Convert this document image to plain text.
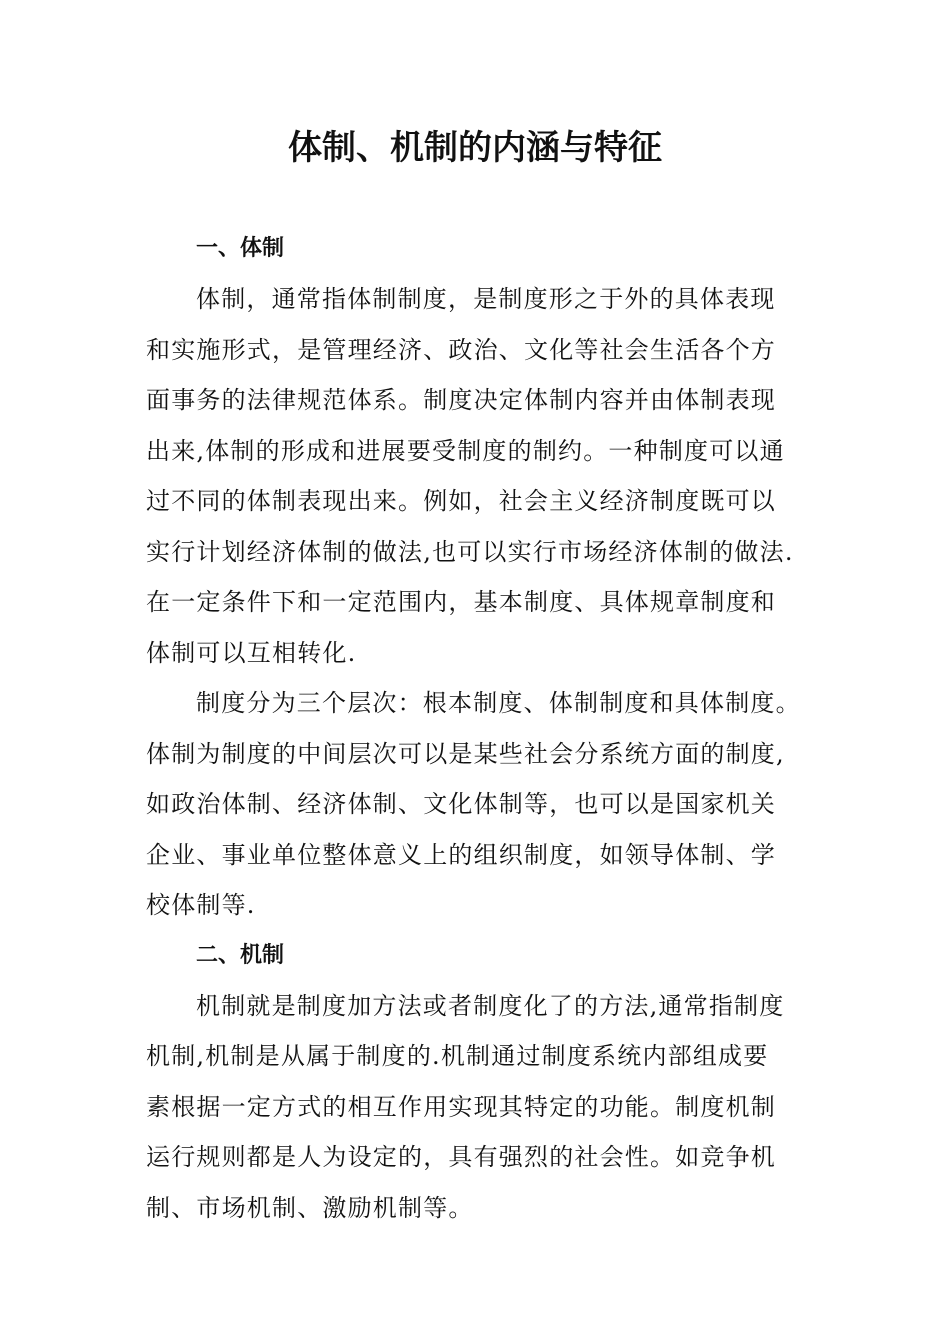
体制、机制的内涵与特征
一、体制

体制，通常指体制制度，是制度形之于外的具体表现
和实施形式，是管理经济、政治、文化等社会生活各个方
面事务的法律规范体系。制度决定体制内容并由体制表现
出来,体制的形成和进展要受制度的制约。一种制度可以通
过不同的体制表现出来。例如，社会主义经济制度既可以
实行计划经济体制的做法,也可以实行市场经济体制的做法.
在一定条件下和一定范围内，基本制度、具体规章制度和
体制可以互相转化.

制度分为三个层次：根本制度、体制制度和具体制度。
体制为制度的中间层次可以是某些社会分系统方面的制度,
如政治体制、经济体制、文化体制等，也可以是国家机关
企业、事业单位整体意义上的组织制度，如领导体制、学
校体制等.

二、机制

机制就是制度加方法或者制度化了的方法,通常指制度
机制,机制是从属于制度的.机制通过制度系统内部组成要
素根据一定方式的相互作用实现其特定的功能。制度机制
运行规则都是人为设定的，具有强烈的社会性。如竞争机
制、市场机制、激励机制等。
